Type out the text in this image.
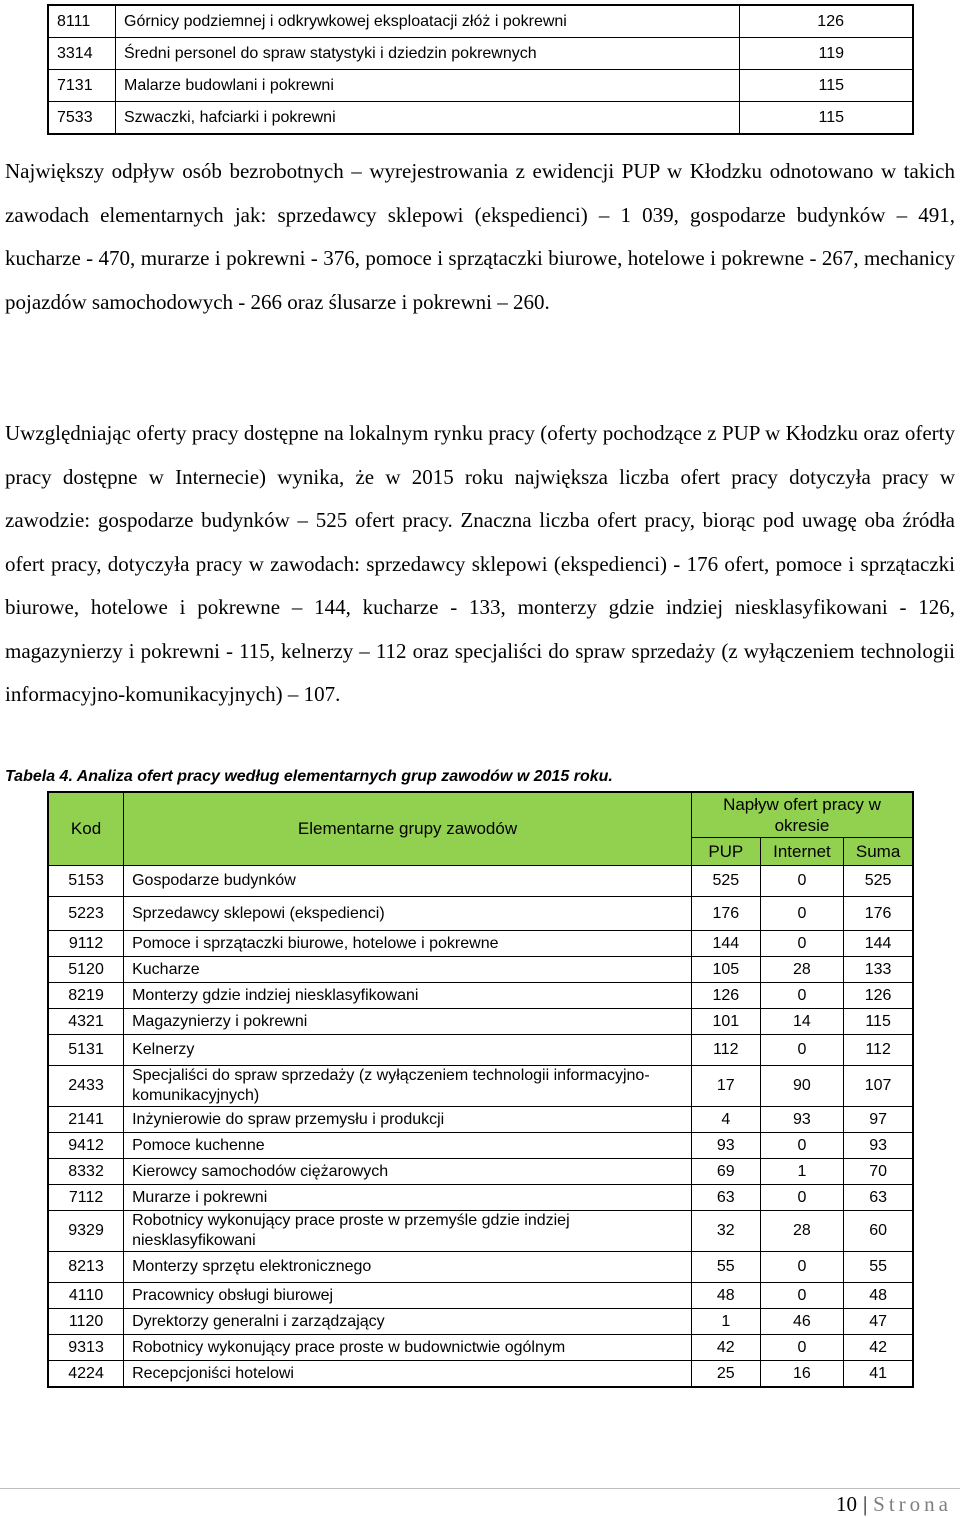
8111	Górnicy podziemnej i odkrywkowej eksploatacji złóż i pokrewni	126
3314	Średni personel do spraw statystyki i dziedzin pokrewnych	119
7131	Malarze budowlani i pokrewni	115
7533	Szwaczki, hafciarki i pokrewni	115

Największy odpływ osób bezrobotnych – wyrejestrowania z ewidencji PUP w Kłodzku odnotowano w takich zawodach elementarnych jak: sprzedawcy sklepowi (ekspedienci) – 1 039, gospodarze budynków – 491, kucharze - 470, murarze i pokrewni - 376, pomoce i sprzątaczki biurowe, hotelowe i pokrewne - 267, mechanicy pojazdów samochodowych - 266 oraz ślusarze i pokrewni – 260.

Uwzględniając oferty pracy dostępne na lokalnym rynku pracy (oferty pochodzące z PUP w Kłodzku oraz oferty pracy dostępne w Internecie) wynika, że w 2015 roku największa liczba ofert pracy dotyczyła pracy w zawodzie: gospodarze budynków – 525 ofert pracy. Znaczna liczba ofert pracy, biorąc pod uwagę oba źródła ofert pracy, dotyczyła pracy w zawodach: sprzedawcy sklepowi (ekspedienci) - 176 ofert, pomoce i sprzątaczki biurowe, hotelowe i pokrewne – 144, kucharze - 133, monterzy gdzie indziej niesklasyfikowani - 126, magazynierzy i pokrewni - 115, kelnerzy – 112 oraz specjaliści do spraw sprzedaży (z wyłączeniem technologii informacyjno-komunikacyjnych) – 107.

Tabela 4. Analiza ofert pracy według elementarnych grup zawodów w 2015 roku.

Kod	Elementarne grupy zawodów	Napływ ofert pracy w okresie		
		PUP	Internet	Suma
5153	Gospodarze budynków	525	0	525
5223	Sprzedawcy sklepowi (ekspedienci)	176	0	176
9112	Pomoce i sprzątaczki biurowe, hotelowe i pokrewne	144	0	144
5120	Kucharze	105	28	133
8219	Monterzy gdzie indziej niesklasyfikowani	126	0	126
4321	Magazynierzy i pokrewni	101	14	115
5131	Kelnerzy	112	0	112
2433	Specjaliści do spraw sprzedaży (z wyłączeniem technologii informacyjno-komunikacyjnych)	17	90	107
2141	Inżynierowie do spraw przemysłu i produkcji	4	93	97
9412	Pomoce kuchenne	93	0	93
8332	Kierowcy samochodów ciężarowych	69	1	70
7112	Murarze i pokrewni	63	0	63
9329	Robotnicy wykonujący prace proste w przemyśle gdzie indziej niesklasyfikowani	32	28	60
8213	Monterzy sprzętu elektronicznego	55	0	55
4110	Pracownicy obsługi biurowej	48	0	48
1120	Dyrektorzy generalni i zarządzający	1	46	47
9313	Robotnicy wykonujący prace proste w budownictwie ogólnym	42	0	42
4224	Recepcjoniści hotelowi	25	16	41
10 | Strona
